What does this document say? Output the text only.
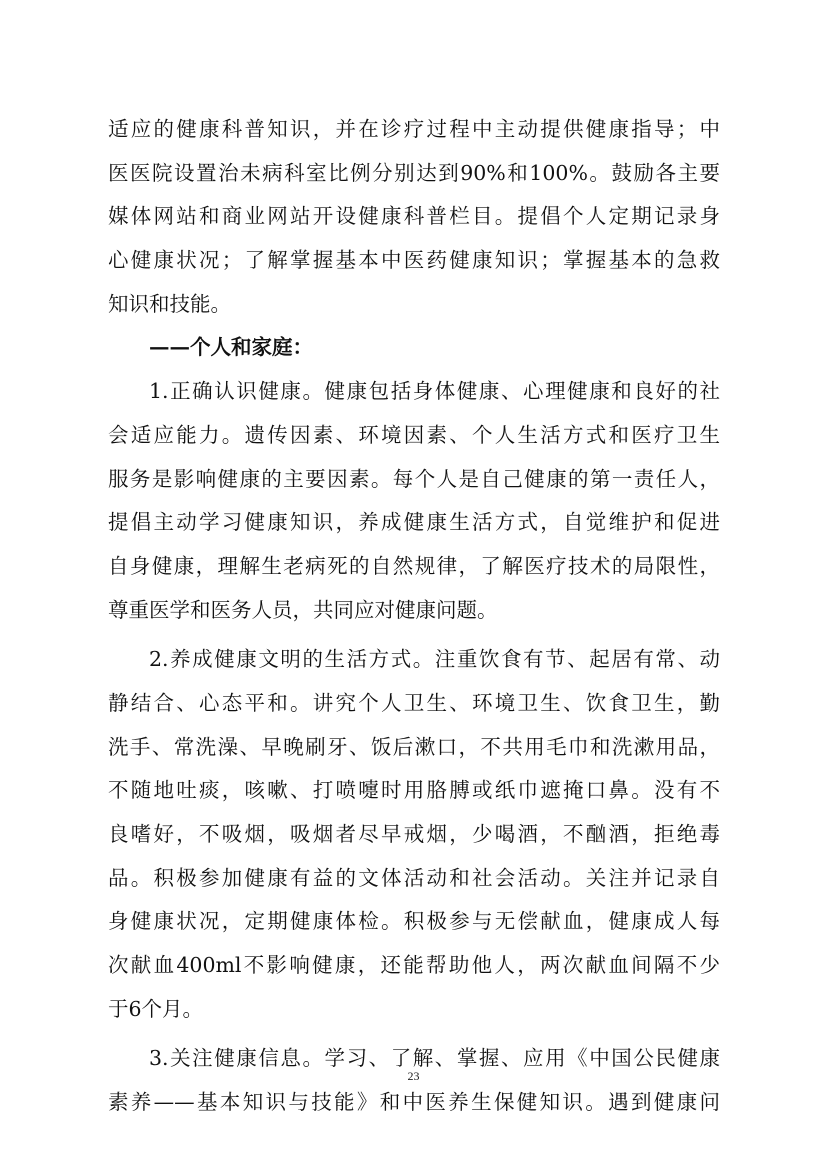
适应的健康科普知识，并在诊疗过程中主动提供健康指导；中
医医院设置治未病科室比例分别达到90%和100%。鼓励各主要
媒体网站和商业网站开设健康科普栏目。提倡个人定期记录身
心健康状况；了解掌握基本中医药健康知识；掌握基本的急救
知识和技能。
——个人和家庭：
1.正确认识健康。健康包括身体健康、心理健康和良好的社
会适应能力。遗传因素、环境因素、个人生活方式和医疗卫生
服务是影响健康的主要因素。每个人是自己健康的第一责任人，
提倡主动学习健康知识，养成健康生活方式，自觉维护和促进
自身健康，理解生老病死的自然规律，了解医疗技术的局限性，
尊重医学和医务人员，共同应对健康问题。
2.养成健康文明的生活方式。注重饮食有节、起居有常、动
静结合、心态平和。讲究个人卫生、环境卫生、饮食卫生，勤
洗手、常洗澡、早晚刷牙、饭后漱口，不共用毛巾和洗漱用品，
不随地吐痰，咳嗽、打喷嚏时用胳膊或纸巾遮掩口鼻。没有不
良嗜好，不吸烟，吸烟者尽早戒烟，少喝酒，不酗酒，拒绝毒
品。积极参加健康有益的文体活动和社会活动。关注并记录自
身健康状况，定期健康体检。积极参与无偿献血，健康成人每
次献血400ml不影响健康，还能帮助他人，两次献血间隔不少
于6个月。
3.关注健康信息。学习、了解、掌握、应用《中国公民健康
素养——基本知识与技能》和中医养生保健知识。遇到健康问
23
